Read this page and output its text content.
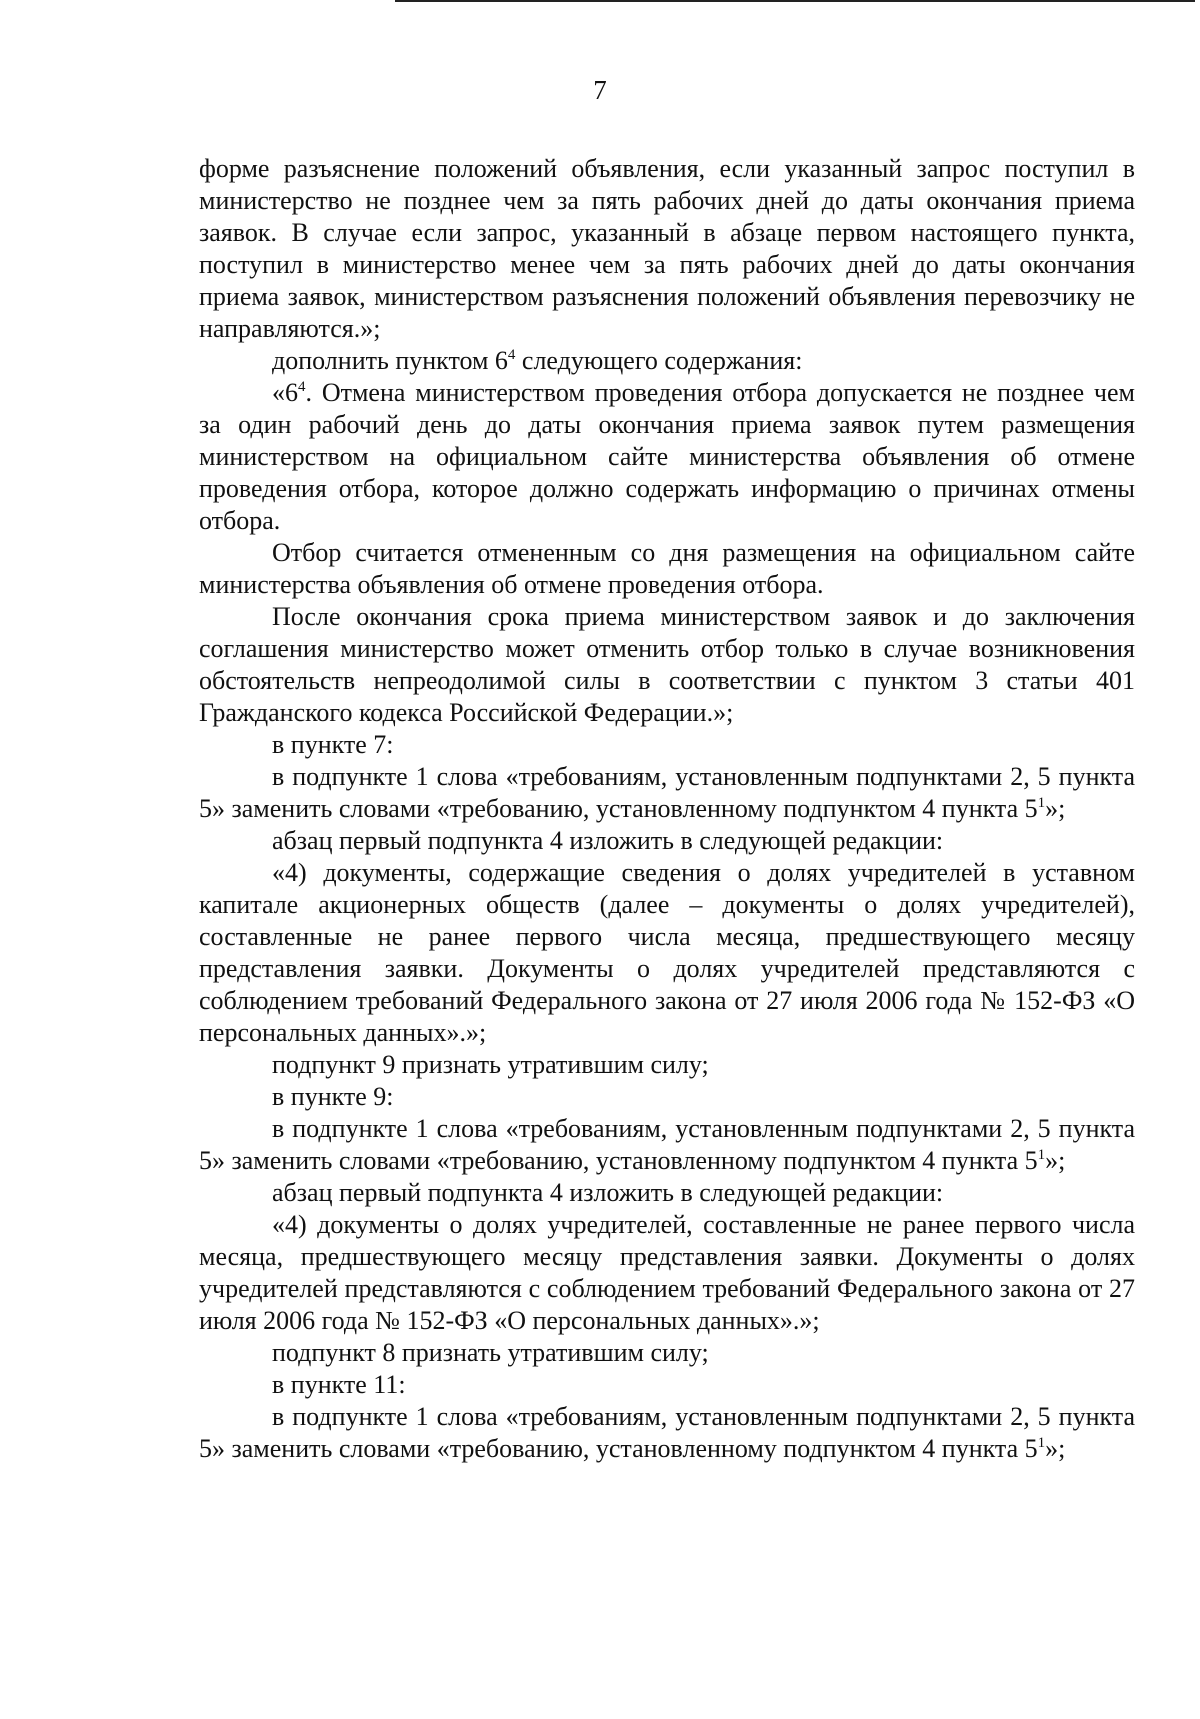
7

форме разъяснение положений объявления, если указанный запрос поступил в министерство не позднее чем за пять рабочих дней до даты окончания приема заявок. В случае если запрос, указанный в абзаце первом настоящего пункта, поступил в министерство менее чем за пять рабочих дней до даты окончания приема заявок, министерством разъяснения положений объявления перевозчику не направляются.»;

дополнить пунктом $6^4$ следующего содержания:

«$6^4$. Отмена министерством проведения отбора допускается не позднее чем за один рабочий день до даты окончания приема заявок путем размещения министерством на официальном сайте министерства объявления об отмене проведения отбора, которое должно содержать информацию о причинах отмены отбора.

Отбор считается отмененным со дня размещения на официальном сайте министерства объявления об отмене проведения отбора.

После окончания срока приема министерством заявок и до заключения соглашения министерство может отменить отбор только в случае возникновения обстоятельств непреодолимой силы в соответствии с пунктом 3 статьи 401 Гражданского кодекса Российской Федерации.»;

в пункте 7:

в подпункте 1 слова «требованиям, установленным подпунктами 2, 5 пункта 5» заменить словами «требованию, установленному подпунктом 4 пункта $5^1$»;

абзац первый подпункта 4 изложить в следующей редакции:

«4) документы, содержащие сведения о долях учредителей в уставном капитале акционерных обществ (далее – документы о долях учредителей), составленные не ранее первого числа месяца, предшествующего месяцу представления заявки. Документы о долях учредителей представляются с соблюдением требований Федерального закона от 27 июля 2006 года № 152-ФЗ «О персональных данных».»;

подпункт 9 признать утратившим силу;

в пункте 9:

в подпункте 1 слова «требованиям, установленным подпунктами 2, 5 пункта 5» заменить словами «требованию, установленному подпунктом 4 пункта $5^1$»;

абзац первый подпункта 4 изложить в следующей редакции:

«4) документы о долях учредителей, составленные не ранее первого числа месяца, предшествующего месяцу представления заявки. Документы о долях учредителей представляются с соблюдением требований Федерального закона от 27 июля 2006 года № 152-ФЗ «О персональных данных».»;

подпункт 8 признать утратившим силу;

в пункте 11:

в подпункте 1 слова «требованиям, установленным подпунктами 2, 5 пункта 5» заменить словами «требованию, установленному подпунктом 4 пункта $5^1$»;
